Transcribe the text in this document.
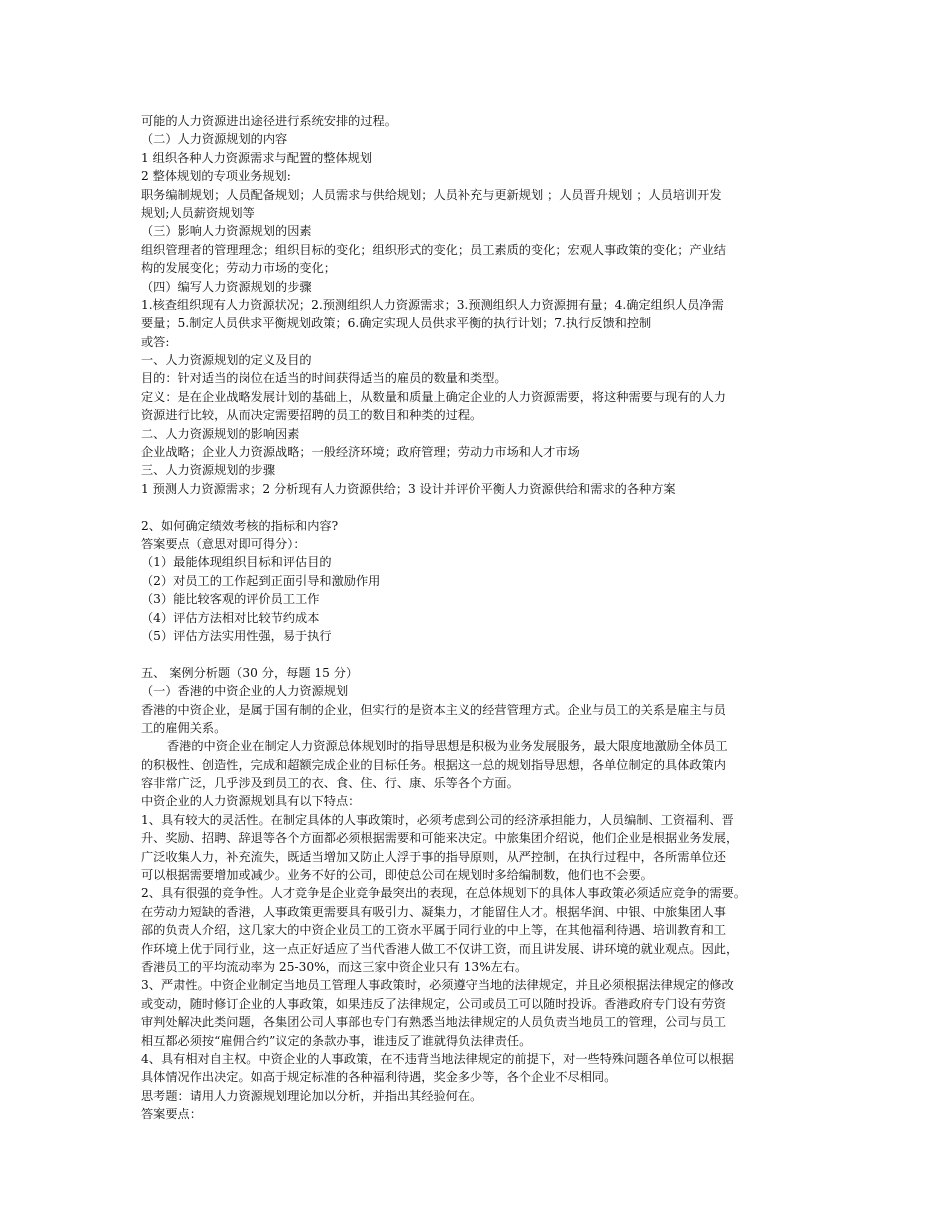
可能的人力资源进出途径进行系统安排的过程。
（二）人力资源规划的内容
1 组织各种人力资源需求与配置的整体规划
2 整体规划的专项业务规划:
职务编制规划；人员配备规划；人员需求与供给规划；人员补充与更新规划 ；人员晋升规划 ；人员培训开发
规划;人员薪资规划等
（三）影响人力资源规划的因素
组织管理者的管理理念；组织目标的变化；组织形式的变化；员工素质的变化；宏观人事政策的变化；产业结
构的发展变化；劳动力市场的变化；
（四）编写人力资源规划的步骤
1.核查组织现有人力资源状况；2.预测组织人力资源需求；3.预测组织人力资源拥有量；4.确定组织人员净需
要量；5.制定人员供求平衡规划政策；6.确定实现人员供求平衡的执行计划；7.执行反馈和控制
或答:
一、人力资源规划的定义及目的
目的：针对适当的岗位在适当的时间获得适当的雇员的数量和类型。
定义：是在企业战略发展计划的基础上，从数量和质量上确定企业的人力资源需要，将这种需要与现有的人力
资源进行比较，从而决定需要招聘的员工的数目和种类的过程。
二、人力资源规划的影响因素
企业战略；企业人力资源战略；一般经济环境；政府管理；劳动力市场和人才市场
三、人力资源规划的步骤
1 预测人力资源需求；2 分析现有人力资源供给；3 设计并评价平衡人力资源供给和需求的各种方案
2、如何确定绩效考核的指标和内容?
答案要点（意思对即可得分）：
（1）最能体现组织目标和评估目的
（2）对员工的工作起到正面引导和激励作用
（3）能比较客观的评价员工工作
（4）评估方法相对比较节约成本
（5）评估方法实用性强，易于执行
五、 案例分析题（30 分，每题 15 分）
（一）香港的中资企业的人力资源规划
香港的中资企业，是属于国有制的企业，但实行的是资本主义的经营管理方式。企业与员工的关系是雇主与员
工的雇佣关系。
香港的中资企业在制定人力资源总体规划时的指导思想是积极为业务发展服务，最大限度地激励全体员工
的积极性、创造性，完成和超额完成企业的目标任务。根据这一总的规划指导思想，各单位制定的具体政策内
容非常广泛，几乎涉及到员工的衣、食、住、行、康、乐等各个方面。
中资企业的人力资源规划具有以下特点：
1、具有较大的灵活性。在制定具体的人事政策时，必须考虑到公司的经济承担能力，人员编制、工资福利、晋
升、奖励、招聘、辞退等各个方面都必须根据需要和可能来决定。中旅集团介绍说，他们企业是根据业务发展，
广泛收集人力，补充流失，既适当增加又防止人浮于事的指导原则，从严控制，在执行过程中，各所需单位还
可以根据需要增加或减少。业务不好的公司，即使总公司在规划时多给编制数，他们也不会要。
2、具有很强的竞争性。人才竞争是企业竞争最突出的表现，在总体规划下的具体人事政策必须适应竞争的需要。
在劳动力短缺的香港，人事政策更需要具有吸引力、凝集力，才能留住人才。根据华润、中银、中旅集团人事
部的负责人介绍，这几家大的中资企业员工的工资水平属于同行业的中上等，在其他福利待遇、培训教育和工
作环境上优于同行业，这一点正好适应了当代香港人做工不仅讲工资，而且讲发展、讲环境的就业观点。因此，
香港员工的平均流动率为 25-30%，而这三家中资企业只有 13%左右。
3、严肃性。中资企业制定当地员工管理人事政策时，必须遵守当地的法律规定，并且必须根据法律规定的修改
或变动，随时修订企业的人事政策，如果违反了法律规定，公司或员工可以随时投诉。香港政府专门设有劳资
审判处解决此类问题，各集团公司人事部也专门有熟悉当地法律规定的人员负责当地员工的管理，公司与员工
相互都必须按“雇佣合约”议定的条款办事，谁违反了谁就得负法律责任。
4、具有相对自主权。中资企业的人事政策，在不违背当地法律规定的前提下，对一些特殊问题各单位可以根据
具体情况作出决定。如高于规定标准的各种福利待遇，奖金多少等，各个企业不尽相同。
思考题：请用人力资源规划理论加以分析，并指出其经验何在。
答案要点：
